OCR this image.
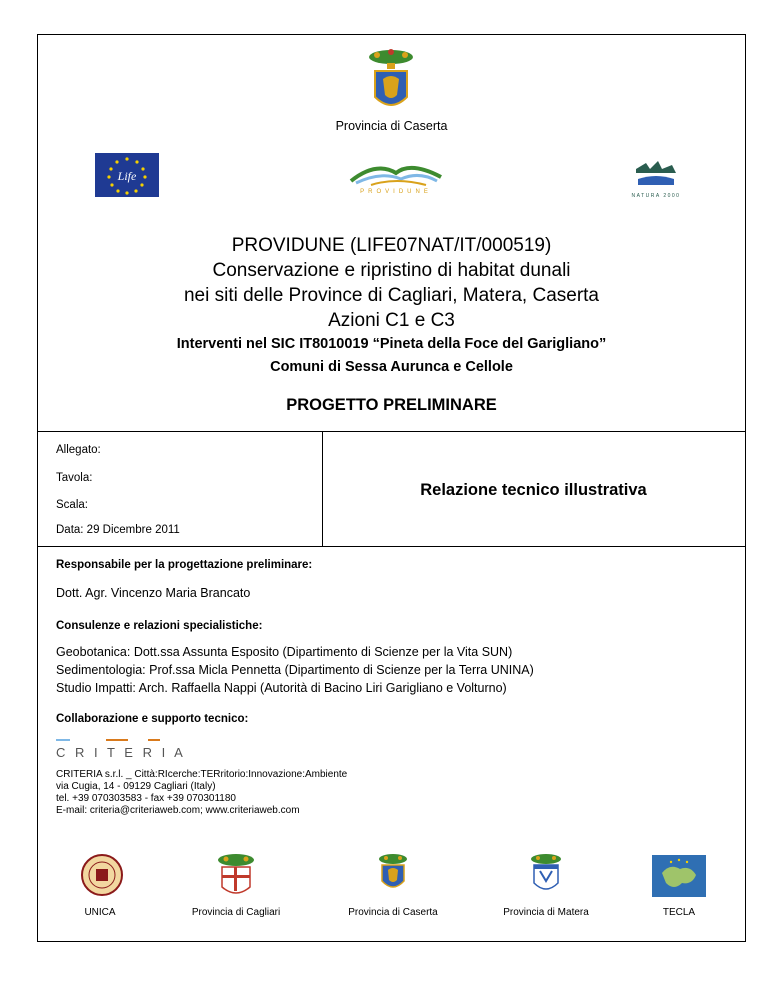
Provincia di Caserta
Life
PROVIDUNE
NATURA 2000
PROVIDUNE (LIFE07NAT/IT/000519)
Conservazione e ripristino di habitat dunali
nei siti delle Province di Cagliari, Matera, Caserta
Azioni C1 e C3
Interventi nel SIC IT8010019 “Pineta della Foce del Garigliano”
Comuni di Sessa Aurunca e Cellole
PROGETTO PRELIMINARE
Allegato:
Tavola:
Scala:
Data: 29 Dicembre 2011
Relazione tecnico illustrativa
Responsabile per la progettazione preliminare:
Dott. Agr. Vincenzo Maria Brancato
Consulenze e relazioni specialistiche:
Geobotanica: Dott.ssa Assunta Esposito (Dipartimento di Scienze per la Vita SUN)
Sedimentologia: Prof.ssa Micla Pennetta (Dipartimento di Scienze per la Terra UNINA)
Studio Impatti: Arch. Raffaella Nappi (Autorità di Bacino Liri Garigliano e Volturno)
Collaborazione e supporto tecnico:
C R I T E R I A
CRITERIA s.r.l. _ Città:RIcerche:TERritorio:Innovazione:Ambiente
via Cugia, 14 - 09129 Cagliari (Italy)
tel. +39 070303583 - fax +39 070301180
E-mail: criteria@criteriaweb.com; www.criteriaweb.com
UNICA	Provincia di Cagliari	Provincia di Caserta	Provincia di Matera	TECLA
